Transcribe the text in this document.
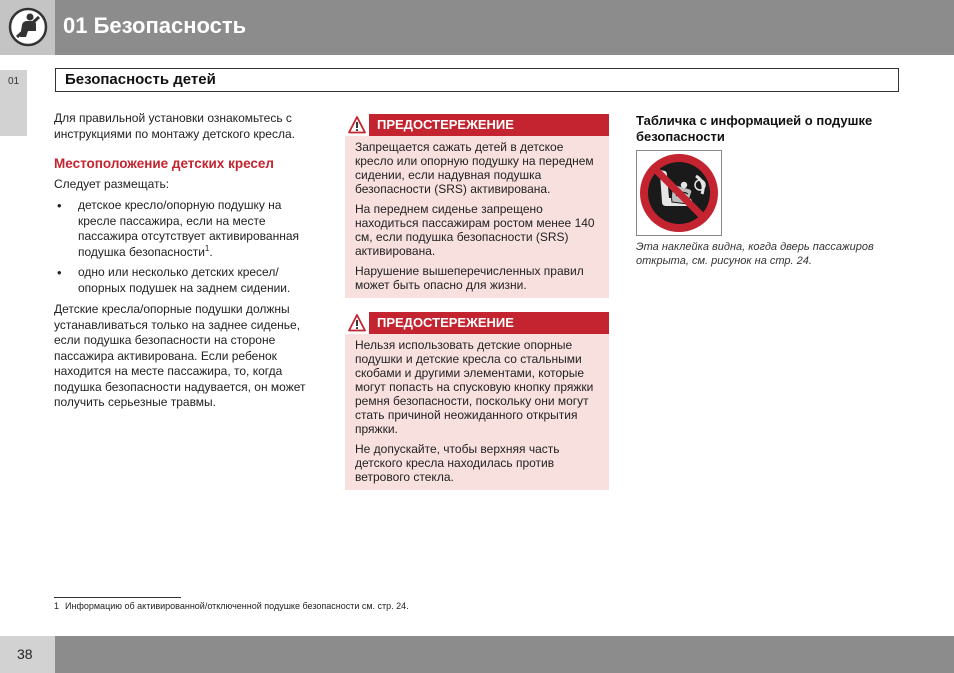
01 Безопасность
01	Безопасность детей

Для правильной установки ознакомьтесь с инструкциями по монтажу детского кресла.

Местоположение детских кресел

Следует размещать:

• детское кресло/опорную подушку на кресле пассажира, если на месте пассажира отсутствует активированная подушка безопасности$^1$.
• одно или несколько детских кресел/ опорных подушек на заднем сидении.

Детские кресла/опорные подушки должны устанавливаться только на заднее сиденье, если подушка безопасности на стороне пассажира активирована. Если ребенок находится на месте пассажира, то, когда подушка безопасности надувается, он может получить серьезные травмы.

ПРЕДОСТЕРЕЖЕНИЕ

Запрещается сажать детей в детское кресло или опорную подушку на переднем сидении, если надувная подушка безопасности (SRS) активирована.

На переднем сиденье запрещено находиться пассажирам ростом менее 140 см, если подушка безопасности (SRS) активирована.

Нарушение вышеперечисленных правил может быть опасно для жизни.

ПРЕДОСТЕРЕЖЕНИЕ

Нельзя использовать детские опорные подушки и детские кресла со стальными скобами и другими элементами, которые могут попасть на спусковую кнопку пряжки ремня безопасности, поскольку они могут стать причиной неожиданного открытия пряжки.

Не допускайте, чтобы верхняя часть детского кресла находилась против ветрового стекла.

Табличка с информацией о подушке безопасности
Эта наклейка видна, когда дверь пассажиров открыта, см. рисунок на стр. 24.
1 Информацию об активированной/отключенной подушке безопасности см. стр. 24.
38
